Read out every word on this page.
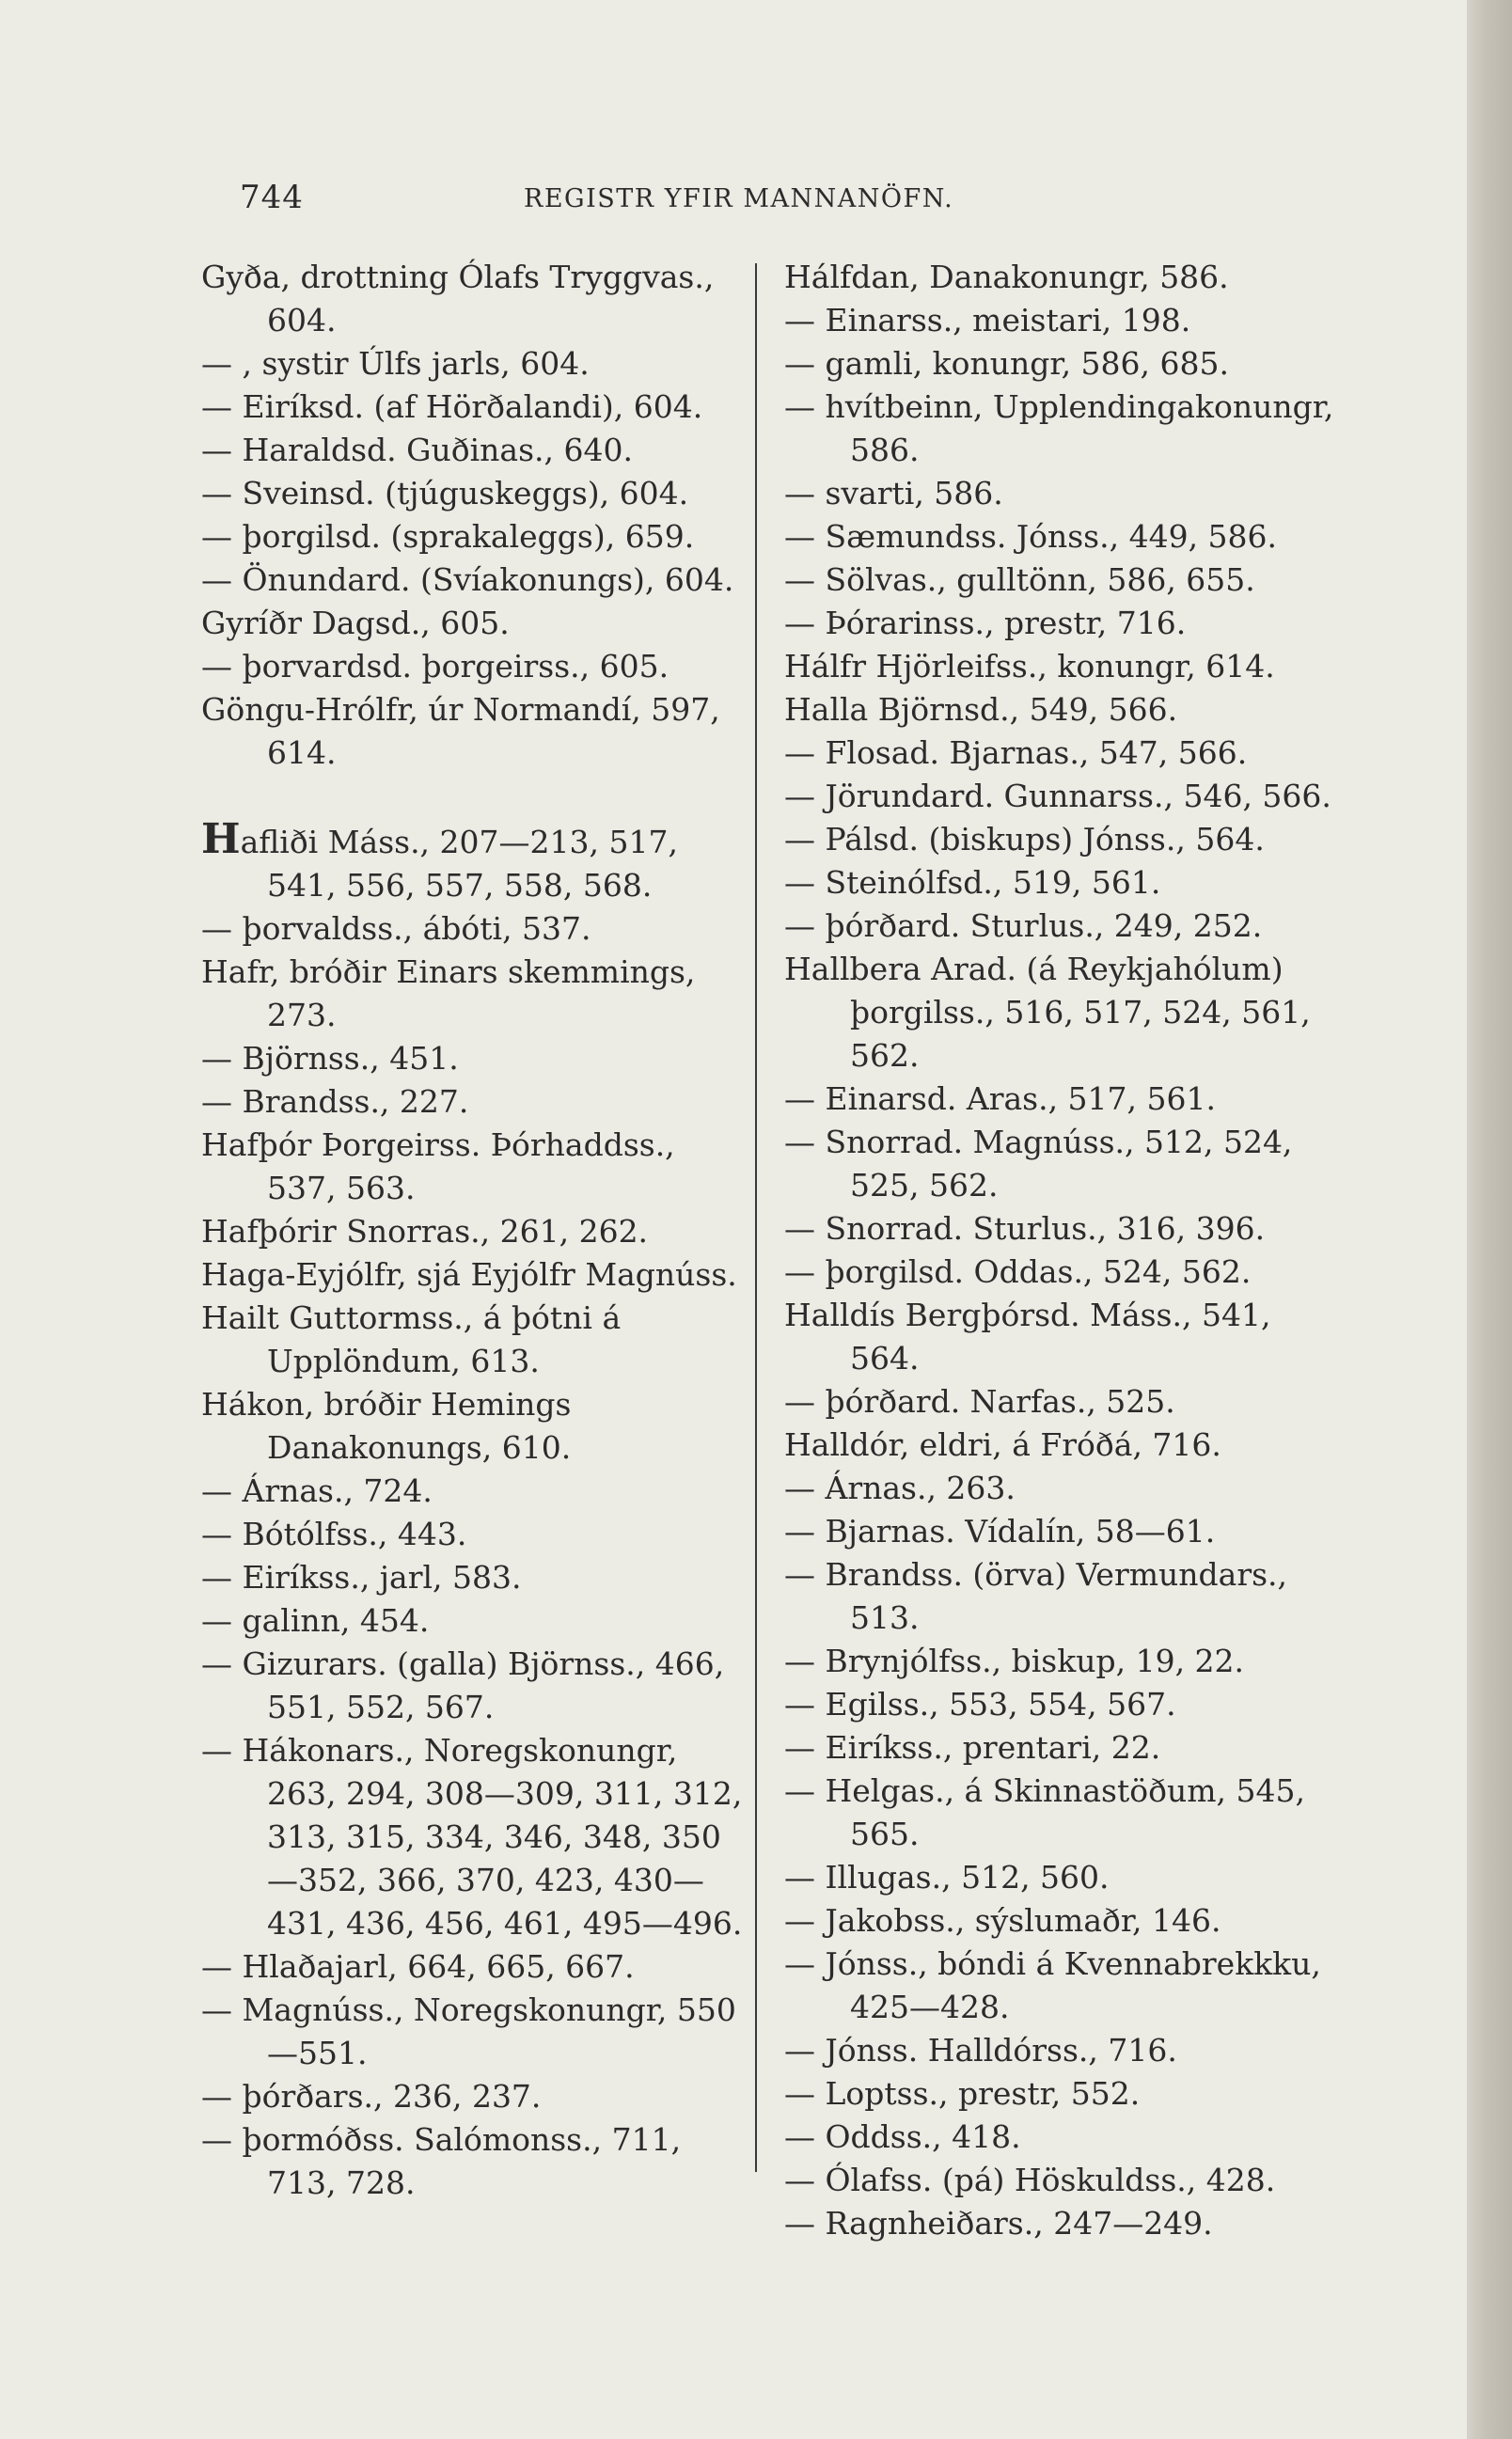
744	REGISTR YFIR MANNANÖFN.

Gyða, drottning Ólafs Tryggvas., 604.

— , systir Úlfs jarls, 604.

— Eiríksd. (af Hörðalandi), 604.

— Haraldsd. Guðinas., 640.

— Sveinsd. (tjúguskeggs), 604.

— þorgilsd. (sprakaleggs), 659.

— Önundard. (Svíakonungs), 604.

Gyríðr Dagsd., 605.

— þorvardsd. þorgeirss., 605.

Göngu-Hrólfr, úr Normandí, 597, 614.

Hafliði Máss., 207—213, 517, 541, 556, 557, 558, 568.

— þorvaldss., ábóti, 537.

Hafr, bróðir Einars skemmings, 273.

— Björnss., 451.

— Brandss., 227.

Hafþór Þorgeirss. Þórhaddss., 537, 563.

Hafþórir Snorras., 261, 262.

Haga-Eyjólfr, sjá Eyjólfr Magnúss.

Hailt Guttormss., á þótni á Upplöndum, 613.

Hákon, bróðir Hemings Danakonungs, 610.

— Árnas., 724.

— Bótólfss., 443.

— Eiríkss., jarl, 583.

— galinn, 454.

— Gizurars. (galla) Björnss., 466, 551, 552, 567.

— Hákonars., Noregskonungr, 263, 294, 308—309, 311, 312, 313, 315, 334, 346, 348, 350—352, 366, 370, 423, 430—431, 436, 456, 461, 495—496.

— Hlaðajarl, 664, 665, 667.

— Magnúss., Noregskonungr, 550 —551.

— þórðars., 236, 237.

— þormóðss. Salómonss., 711, 713, 728.

Hálfdan, Danakonungr, 586.

— Einarss., meistari, 198.

— gamli, konungr, 586, 685.

— hvítbeinn, Upplendingakonungr, 586.

— svarti, 586.

— Sæmundss. Jónss., 449, 586.

— Sölvas., gulltönn, 586, 655.

— Þórarinss., prestr, 716.

Hálfr Hjörleifss., konungr, 614.

Halla Björnsd., 549, 566.

— Flosad. Bjarnas., 547, 566.

— Jörundard. Gunnarss., 546, 566.

— Pálsd. (biskups) Jónss., 564.

— Steinólfsd., 519, 561.

— þórðard. Sturlus., 249, 252.

Hallbera Arad. (á Reykjahólum) þorgilss., 516, 517, 524, 561, 562.

— Einarsd. Aras., 517, 561.

— Snorrad. Magnúss., 512, 524, 525, 562.

— Snorrad. Sturlus., 316, 396.

— þorgilsd. Oddas., 524, 562.

Halldís Bergþórsd. Máss., 541, 564.

— þórðard. Narfas., 525.

Halldór, eldri, á Fróðá, 716.

— Árnas., 263.

— Bjarnas. Vídalín, 58—61.

— Brandss. (örva) Vermundars., 513.

— Brynjólfss., biskup, 19, 22.

— Egilss., 553, 554, 567.

— Eiríkss., prentari, 22.

— Helgas., á Skinnastöðum, 545, 565.

— Illugas., 512, 560.

— Jakobss., sýslumaðr, 146.

— Jónss., bóndi á Kvennabrekkku, 425—428.

— Jónss. Halldórss., 716.

— Loptss., prestr, 552.

— Oddss., 418.

— Ólafss. (pá) Höskuldss., 428.

— Ragnheiðars., 247—249.
